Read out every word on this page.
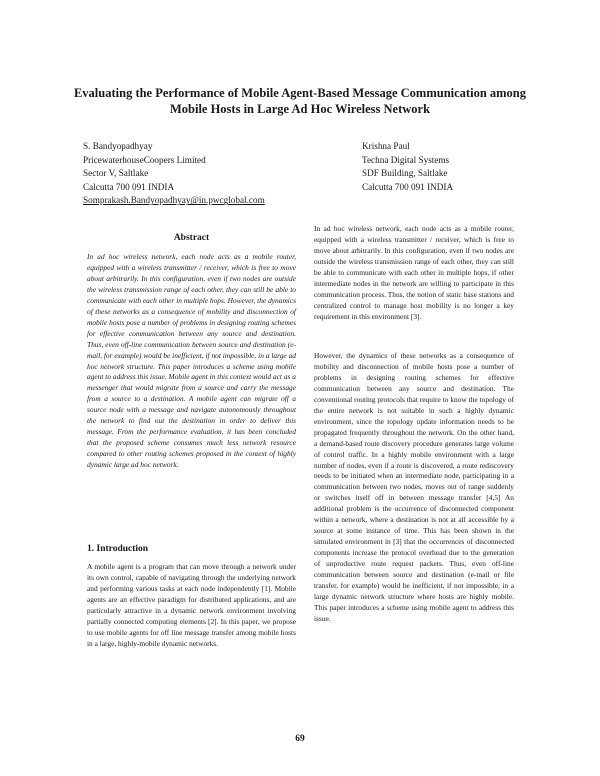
Evaluating the Performance of Mobile Agent-Based Message Communication among Mobile Hosts in Large Ad Hoc Wireless Network
S. Bandyopadhyay
PricewaterhouseCoopers Limited
Sector V, Saltlake
Calcutta 700 091 INDIA
Somprakash.Bandyopadhyay@in.pwcglobal.com
Krishna Paul
Techna Digital Systems
SDF Building, Saltlake
Calcutta 700 091 INDIA
Abstract
In ad hoc wireless network, each node acts as a mobile router, equipped with a wireless transmitter / receiver, which is free to move about arbitrarily. In this configuration, even if two nodes are outside the wireless transmission range of each other, they can still be able to communicate with each other in multiple hops. However, the dynamics of these networks as a consequence of mobility and disconnection of mobile hosts pose a number of problems in designing routing schemes for effective communication between any source and destination. Thus, even off-line communication between source and destination (e-mail, for example) would be inefficient, if not impossible, in a large ad hoc network structure. This paper introduces a scheme using mobile agent to address this issue. Mobile agent in this context would act as a messenger that would migrate from a source and carry the message from a source to a destination. A mobile agent can migrate off a source node with a message and navigate autonomously throughout the network to find out the destination in order to deliver this message. From the performance evaluation, it has been concluded that the proposed scheme consumes much less network resource compared to other routing schemes proposed in the context of highly dynamic large ad hoc network.
1. Introduction
A mobile agent is a program that can move through a network under its own control, capable of navigating through the underlying network and performing various tasks at each node independently [1]. Mobile agents are an effective paradigm for distributed applications, and are particularly attractive in a dynamic network environment involving partially connected computing elements [2]. In this paper, we propose to use mobile agents for off line message transfer among mobile hosts in a large, highly-mobile dynamic networks.

In ad hoc wireless network, each node acts as a mobile router, equipped with a wireless transmitter / receiver, which is free to move about arbitrarily. In this configuration, even if two nodes are outside the wireless transmission range of each other, they can still be able to communicate with each other in multiple hops, if other intermediate nodes in the network are willing to participate in this communication process. Thus, the notion of static base stations and centralized control to manage host mobility is no longer a key requirement in this environment [3].

However, the dynamics of these networks as a consequence of mobility and disconnection of mobile hosts pose a number of problems in designing routing schemes for effective communication between any source and destination. The conventional routing protocols that require to know the topology of the entire network is not suitable in such a highly dynamic environment, since the topology update information needs to be propagated frequently throughout the network. On the other hand, a demand-based route discovery procedure generates large volume of control traffic. In a highly mobile environment with a large number of nodes, even if a route is discovered, a route rediscovery needs to be initiated when an intermediate node, participating in a communication between two nodes, moves out of range suddenly or switches itself off in between message transfer [4,5] An additional problem is the occurrence of disconnected component within a network, where a destination is not at all accessible by a source at some instance of time. This has been shown in the simulated environment in [3] that the occurrences of disconnected components increase the protocol overhead due to the generation of unproductive route request packets. Thus, even off-line communication between source and destination (e-mail or file transfer, for example) would be inefficient, if not impossible, in a large dynamic network structure where hosts are highly mobile. This paper introduces a scheme using mobile agent to address this issue.

69
